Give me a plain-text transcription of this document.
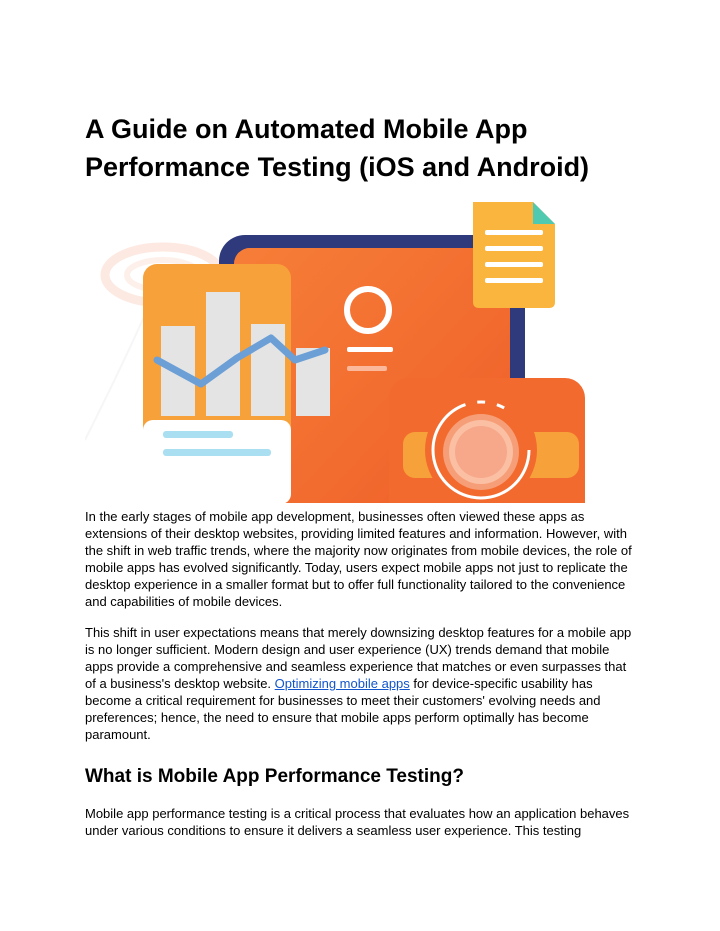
A Guide on Automated Mobile App Performance Testing (iOS and Android)

In the early stages of mobile app development, businesses often viewed these apps as extensions of their desktop websites, providing limited features and information. However, with the shift in web traffic trends, where the majority now originates from mobile devices, the role of mobile apps has evolved significantly. Today, users expect mobile apps not just to replicate the desktop experience in a smaller format but to offer full functionality tailored to the convenience and capabilities of mobile devices.

This shift in user expectations means that merely downsizing desktop features for a mobile app is no longer sufficient. Modern design and user experience (UX) trends demand that mobile apps provide a comprehensive and seamless experience that matches or even surpasses that of a business's desktop website. Optimizing mobile apps for device-specific usability has become a critical requirement for businesses to meet their customers' evolving needs and preferences; hence, the need to ensure that mobile apps perform optimally has become paramount.

What is Mobile App Performance Testing?

Mobile app performance testing is a critical process that evaluates how an application behaves under various conditions to ensure it delivers a seamless user experience. This testing
